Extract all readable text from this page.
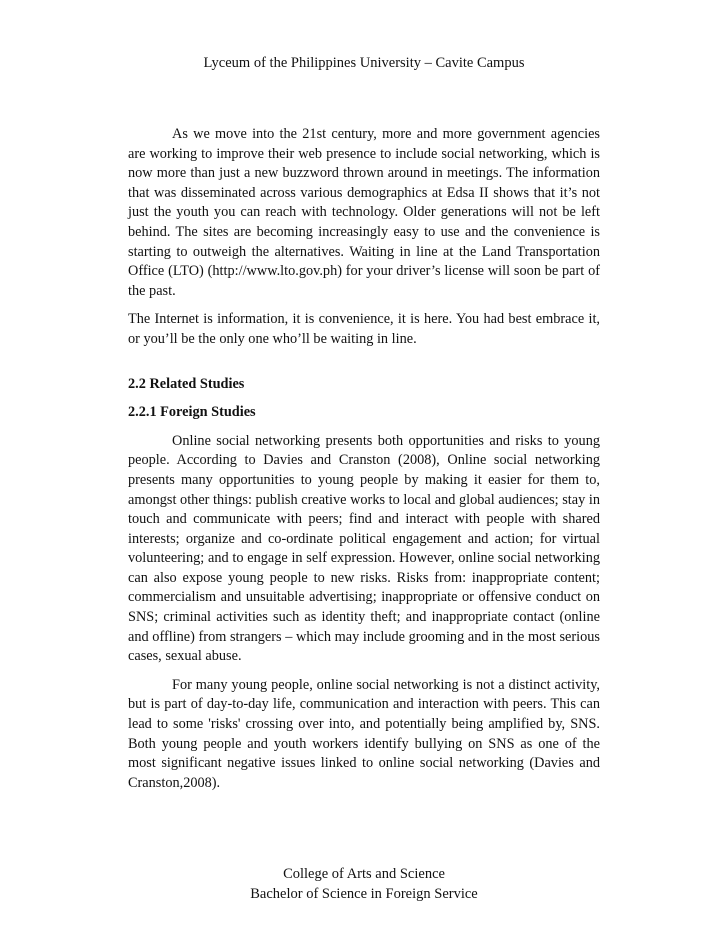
Lyceum of the Philippines University – Cavite Campus

As we move into the 21st century, more and more government agencies are working to improve their web presence to include social networking, which is now more than just a new buzzword thrown around in meetings. The information that was disseminated across various demographics at Edsa II shows that it’s not just the youth you can reach with technology. Older generations will not be left behind. The sites are becoming increasingly easy to use and the convenience is starting to outweigh the alternatives. Waiting in line at the Land Transportation Office (LTO) (http://www.lto.gov.ph) for your driver’s license will soon be part of the past.

The Internet is information, it is convenience, it is here. You had best embrace it, or you’ll be the only one who’ll be waiting in line.

2.2 Related Studies

2.2.1 Foreign Studies

Online social networking presents both opportunities and risks to young people. According to Davies and Cranston (2008), Online social networking presents many opportunities to young people by making it easier for them to, amongst other things: publish creative works to local and global audiences; stay in touch and communicate with peers; find and interact with people with shared interests; organize and co-ordinate political engagement and action; for virtual volunteering; and to engage in self expression. However, online social networking can also expose young people to new risks. Risks from: inappropriate content; commercialism and unsuitable advertising; inappropriate or offensive conduct on SNS; criminal activities such as identity theft; and inappropriate contact (online and offline) from strangers – which may include grooming and in the most serious cases, sexual abuse.

For many young people, online social networking is not a distinct activity, but is part of day-to-day life, communication and interaction with peers. This can lead to some 'risks' crossing over into, and potentially being amplified by, SNS. Both young people and youth workers identify bullying on SNS as one of the most significant negative issues linked to online social networking (Davies and Cranston,2008).

College of Arts and Science
Bachelor of Science in Foreign Service
